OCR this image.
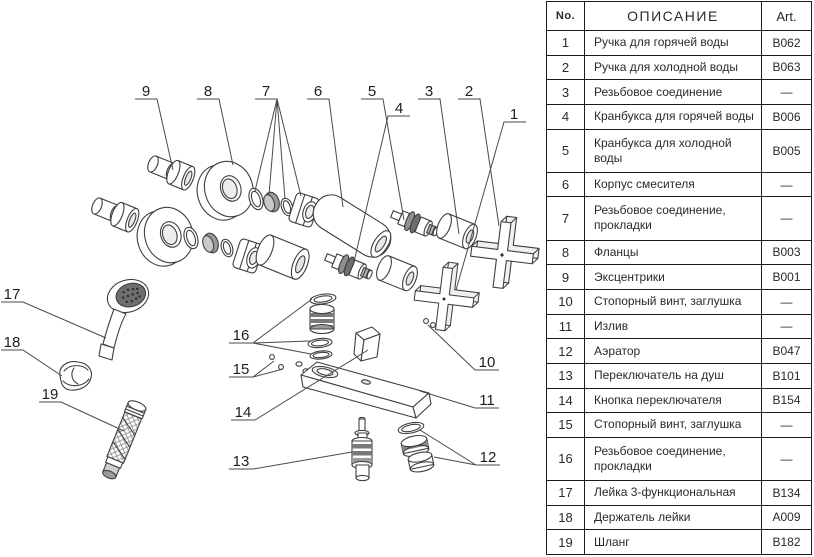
1
2
3
4
5
6
7
8
9
10
11
12
13
14
15
16
17
18
19
No.	ОПИСАНИЕ	Art.
1	Ручка для горячей воды	B062
2	Ручка для холодной воды	B063
3	Резьбовое соединение	—
4	Кранбукса для горячей воды	B006
5	Кранбукса для холодной воды	B005
6	Корпус смесителя	—
7	Резьбовое соединение, прокладки	—
8	Фланцы	B003
9	Эксцентрики	B001
10	Стопорный винт, заглушка	—
11	Излив	—
12	Аэратор	B047
13	Переключатель на душ	B101
14	Кнопка переключателя	B154
15	Стопорный винт, заглушка	—
16	Резьбовое соединение, прокладки	—
17	Лейка 3-функциональная	B134
18	Держатель лейки	A009
19	Шланг	B182
